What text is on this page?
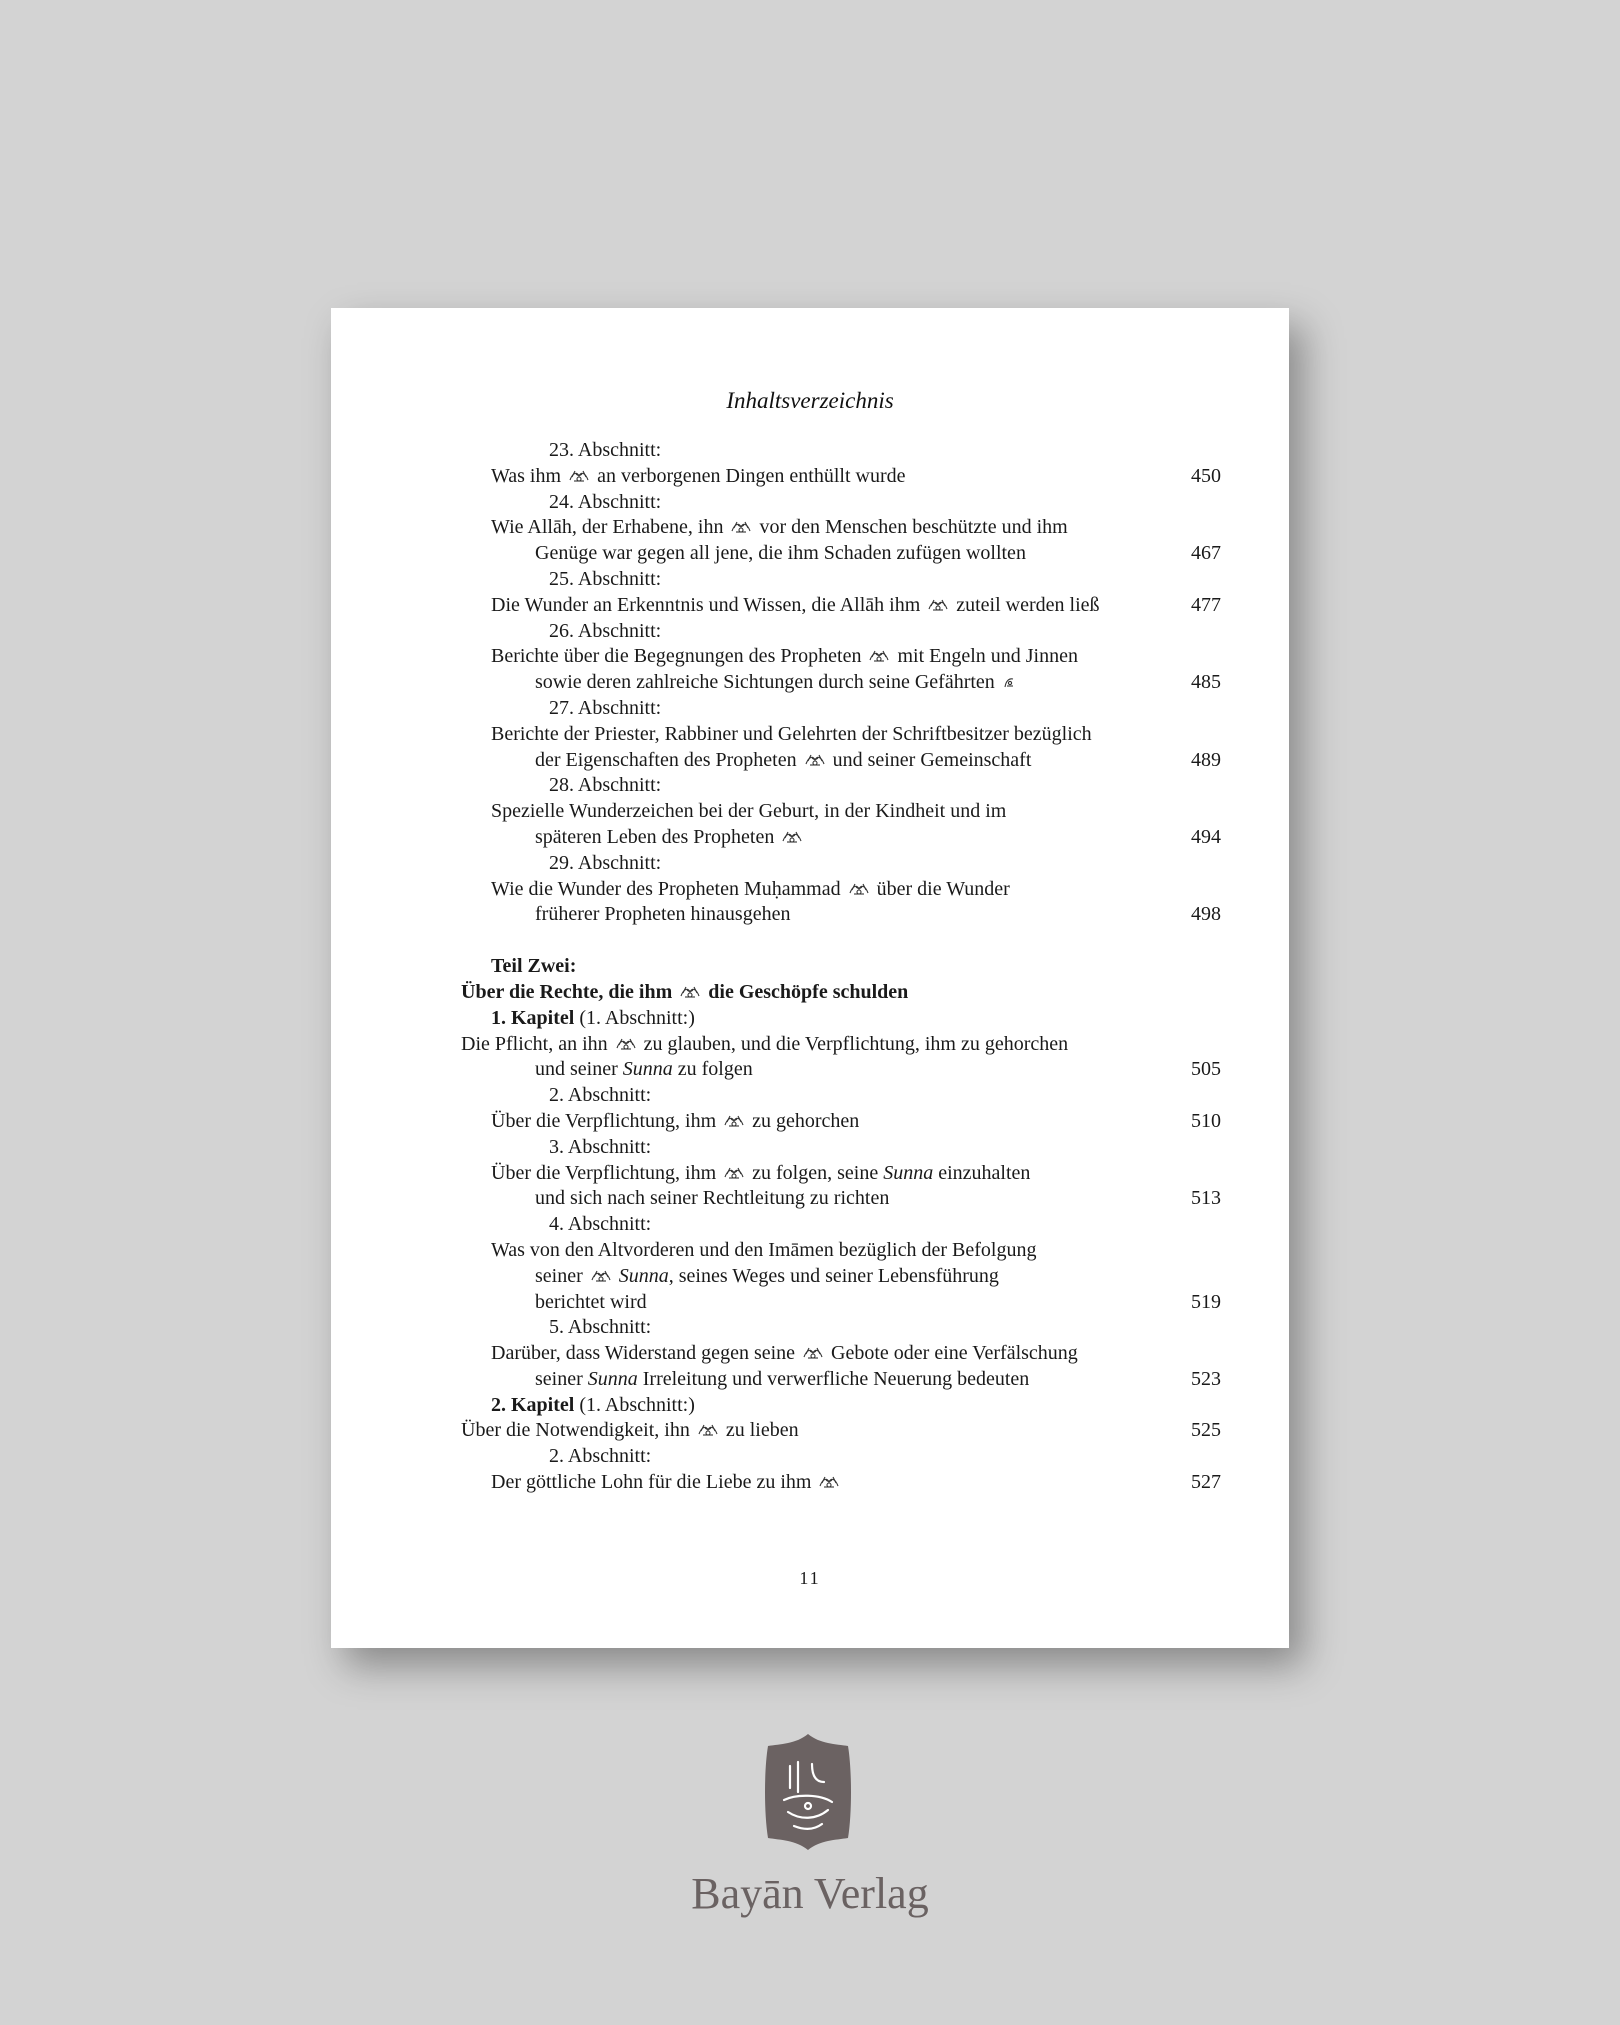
Inhaltsverzeichnis
23. Abschnitt:
Was ihm  an verborgenen Dingen enthüllt wurde	450
24. Abschnitt:
Wie Allāh, der Erhabene, ihn  vor den Menschen beschützte und ihm
Genüge war gegen all jene, die ihm Schaden zufügen wollten	467
25. Abschnitt:
Die Wunder an Erkenntnis und Wissen, die Allāh ihm  zuteil werden ließ	477
26. Abschnitt:
Berichte über die Begegnungen des Propheten  mit Engeln und Jinnen
sowie deren zahlreiche Sichtungen durch seine Gefährten	485
27. Abschnitt:
Berichte der Priester, Rabbiner und Gelehrten der Schriftbesitzer bezüglich
der Eigenschaften des Propheten  und seiner Gemeinschaft	489
28. Abschnitt:
Spezielle Wunderzeichen bei der Geburt, in der Kindheit und im
späteren Leben des Propheten	494
29. Abschnitt:
Wie die Wunder des Propheten Muḥammad  über die Wunder
früherer Propheten hinausgehen	498
Teil Zwei:
Über die Rechte, die ihm  die Geschöpfe schulden
1. Kapitel (1. Abschnitt:)
Die Pflicht, an ihn  zu glauben, und die Verpflichtung, ihm zu gehorchen
und seiner Sunna zu folgen	505
2. Abschnitt:
Über die Verpflichtung, ihm  zu gehorchen	510
3. Abschnitt:
Über die Verpflichtung, ihm  zu folgen, seine Sunna einzuhalten
und sich nach seiner Rechtleitung zu richten	513
4. Abschnitt:
Was von den Altvorderen und den Imāmen bezüglich der Befolgung
seiner  Sunna, seines Weges und seiner Lebensführung
berichtet wird	519
5. Abschnitt:
Darüber, dass Widerstand gegen seine  Gebote oder eine Verfälschung
seiner Sunna Irreleitung und verwerfliche Neuerung bedeuten	523
2. Kapitel (1. Abschnitt:)
Über die Notwendigkeit, ihn  zu lieben	525
2. Abschnitt:
Der göttliche Lohn für die Liebe zu ihm	527
11
Bayān Verlag
